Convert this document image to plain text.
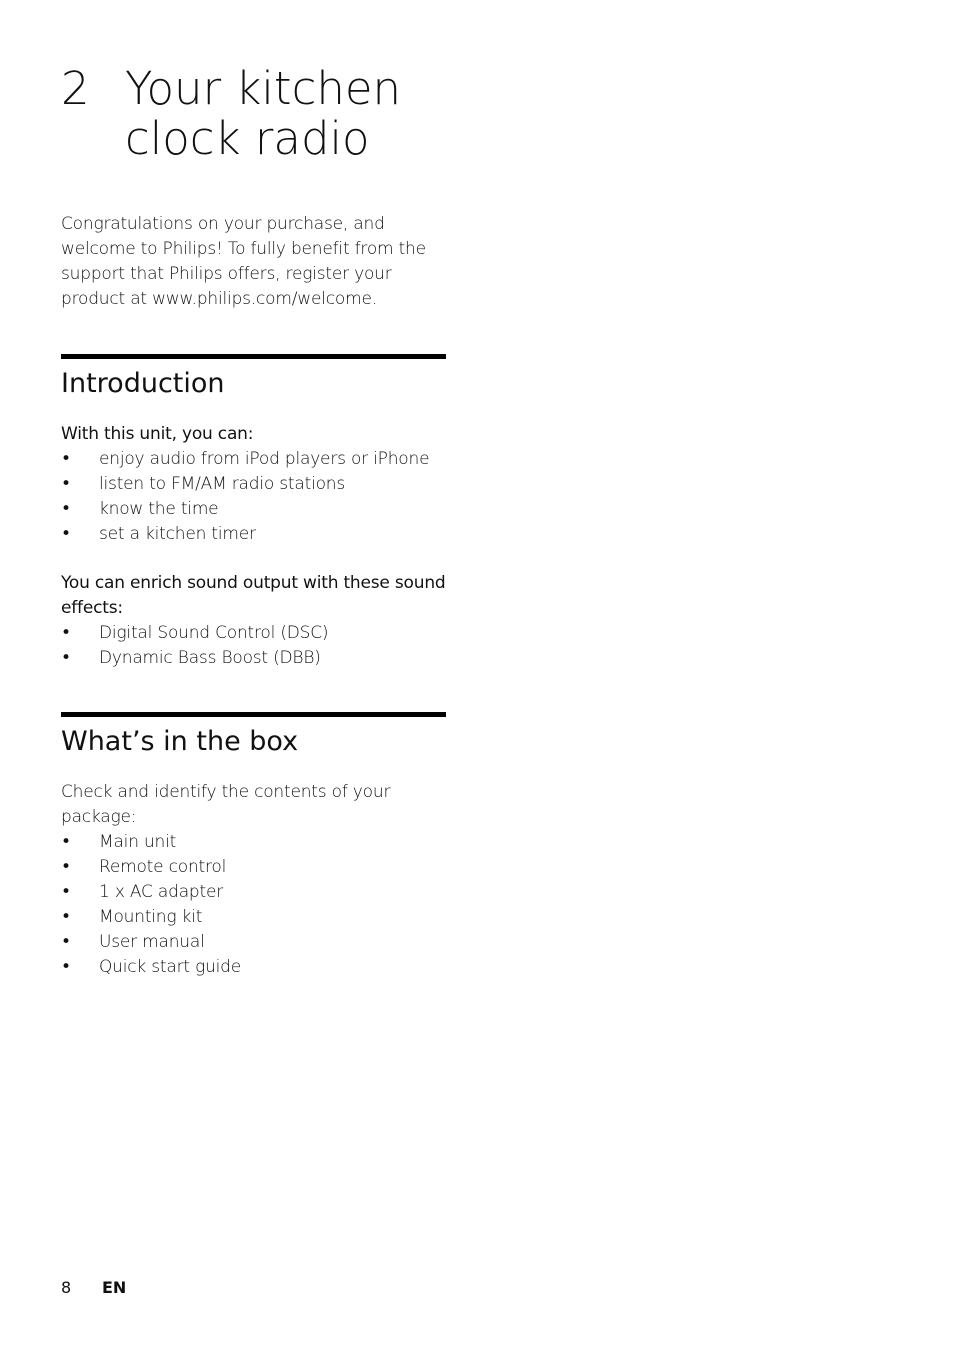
2 Your kitchen clock radio

Congratulations on your purchase, and welcome to Philips! To fully benefit from the support that Philips offers, register your product at www.philips.com/welcome.

Introduction

With this unit, you can:

• enjoy audio from iPod players or iPhone
• listen to FM/AM radio stations
• know the time
• set a kitchen timer

You can enrich sound output with these sound effects:

• Digital Sound Control (DSC)
• Dynamic Bass Boost (DBB)
What’s in the box

Check and identify the contents of your package:

• Main unit
• Remote control
• 1 x AC adapter
• Mounting kit
• User manual
• Quick start guide
8	EN
